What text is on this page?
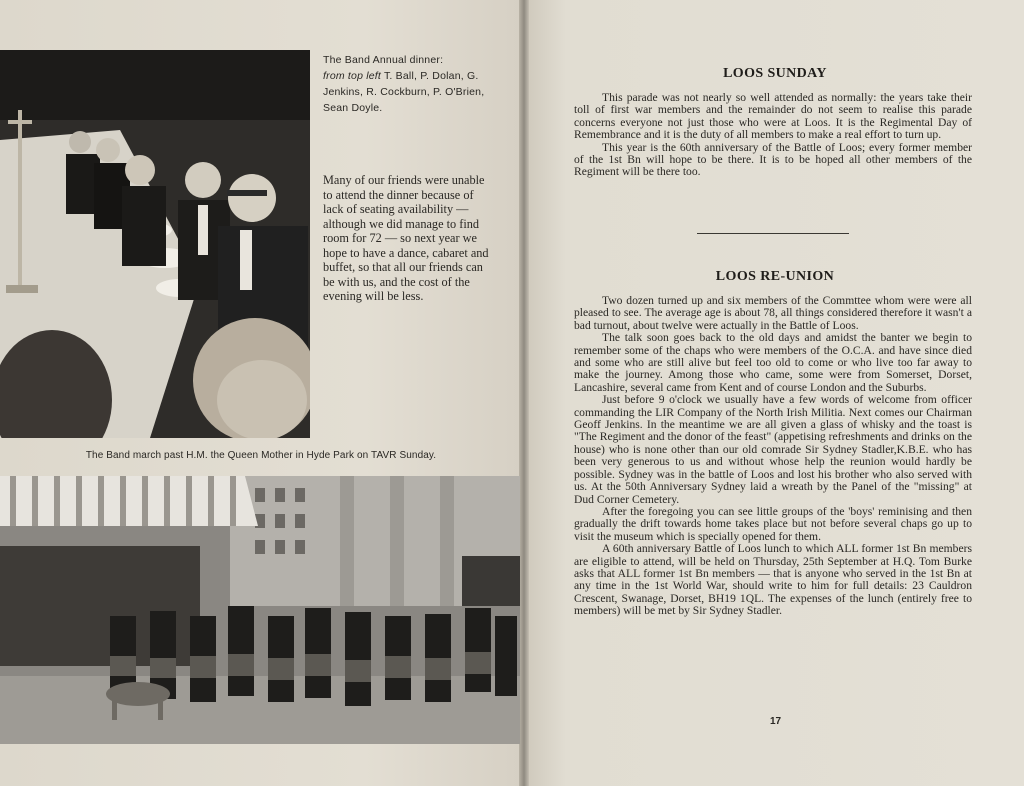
The Band Annual dinner:
from top left T. Ball, P. Dolan, G. Jenkins, R. Cockburn, P. O'Brien, Sean Doyle.
Many of our friends were unable to attend the dinner because of lack of seating availability — although we did manage to find room for 72 — so next year we hope to have a dance, cabaret and buffet, so that all our friends can be with us, and the cost of the evening will be less.
The Band march past H.M. the Queen Mother in Hyde Park on TAVR Sunday.
LOOS SUNDAY

This parade was not nearly so well attended as normally: the years take their toll of first war members and the remainder do not seem to realise this parade concerns everyone not just those who were at Loos. It is the Regimental Day of Remembrance and it is the duty of all members to make a real effort to turn up.

This year is the 60th anniversary of the Battle of Loos; every former member of the 1st Bn will hope to be there. It is to be hoped all other members of the Regiment will be there too.

LOOS RE-UNION

Two dozen turned up and six members of the Commttee whom were were all pleased to see. The average age is about 78, all things considered therefore it wasn't a bad turnout, about twelve were actually in the Battle of Loos.

The talk soon goes back to the old days and amidst the banter we begin to remember some of the chaps who were members of the O.C.A. and have since died and some who are still alive but feel too old to come or who live too far away to make the journey. Among those who came, some were from Somerset, Dorset, Lancashire, several came from Kent and of course London and the Suburbs.

Just before 9 o'clock we usually have a few words of welcome from officer commanding the LIR Company of the North Irish Militia. Next comes our Chairman Geoff Jenkins. In the meantime we are all given a glass of whisky and the toast is "The Regiment and the donor of the feast" (appetising refreshments and drinks on the house) who is none other than our old comrade Sir Sydney Stadler,K.B.E. who has been very generous to us and without whose help the reunion would hardly be possible. Sydney was in the battle of Loos and lost his brother who also served with us. At the 50th Anniversary Sydney laid a wreath by the Panel of the "missing" at Dud Corner Cemetery.

After the foregoing you can see little groups of the 'boys' reminising and then gradually the drift towards home takes place but not before several chaps go up to visit the museum which is specially opened for them.

A 60th anniversary Battle of Loos lunch to which ALL former 1st Bn members are eligible to attend, will be held on Thursday, 25th September at H.Q. Tom Burke asks that ALL former 1st Bn members — that is anyone who served in the 1st Bn at any time in the 1st World War, should write to him for full details: 23 Cauldron Crescent, Swanage, Dorset, BH19 1QL. The expenses of the lunch (entirely free to members) will be met by Sir Sydney Stadler.

17
